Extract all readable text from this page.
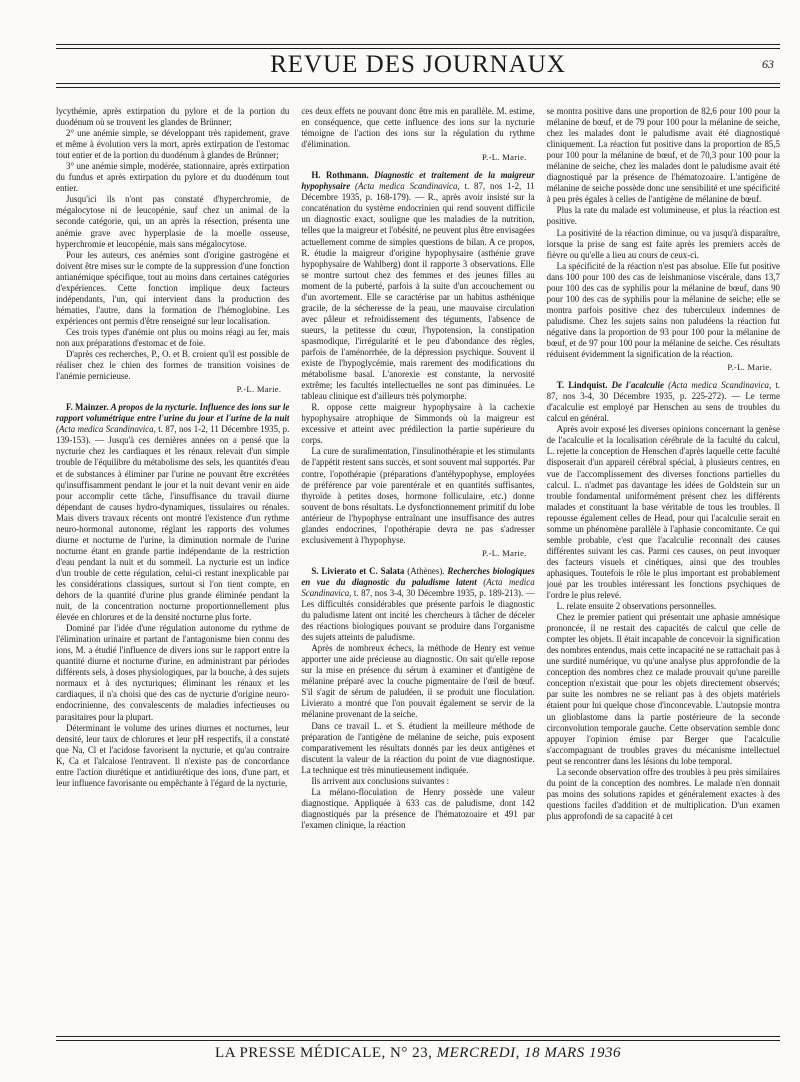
REVUE DES JOURNAUX	63

lycythémie, après extirpation du pylore et de la portion du duodénum où se trouvent les glandes de Brünner;

2° une anémie simple, se développant très rapidement, grave et même à évolution vers la mort, après extirpation de l'estomac tout entier et de la portion du duodénum à glandes de Brünner;

3° une anémie simple, modérée, stationnaire, après extirpation du fundus et après extirpation du pylore et du duodénum tout entier.

Jusqu'ici ils n'ont pas constaté d'hyperchromie, de mégalocytose ni de leucopénie, sauf chez un animal de la seconde catégorie, qui, un an après la résection, présenta une anémie grave avec hyperplasie de la moelle osseuse, hyperchromie et leucopénie, mais sans mégalocytose.

Pour les auteurs, ces anémies sont d'origine gastrogène et doivent être mises sur le compte de la suppression d'une fonction antianémique spécifique, tout au moins dans certaines catégories d'expériences. Cette fonction implique deux facteurs indépendants, l'un, qui intervient dans la production des hématies, l'autre, dans la formation de l'hémoglobine. Les expériences ont permis d'être renseigné sur leur localisation.

Ces trois types d'anémie ont plus ou moins réagi au fer, mais non aux préparations d'estomac et de foie.

D'après ces recherches, P., O. et B. croient qu'il est possible de réaliser chez le chien des formes de transition voisines de l'anémie pernicieuse.

P.-L. Marie.

F. Mainzer. A propos de la nycturie. Influence des ions sur le rapport volumétrique entre l'urine du jour et l'urine de la nuit (Acta medica Scandinavica, t. 87, nos 1-2, 11 Décembre 1935, p. 139-153). — Jusqu'à ces dernières années on a pensé que la nycturie chez les cardiaques et les rénaux relevait d'un simple trouble de l'équilibre du métabolisme des sels, les quantités d'eau et de substances à éliminer par l'urine ne pouvant être excrétées qu'insuffisamment pendant le jour et la nuit devant venir en aide pour accomplir cette tâche, l'insuffisance du travail diurne dépendant de causes hydro-dynamiques, tissulaires ou rénales. Mais divers travaux récents ont montré l'existence d'un rythme neuro-hormonal autonome, réglant les rapports des volumes diurne et nocturne de l'urine, la diminution normale de l'urine nocturne étant en grande partie indépendante de la restriction d'eau pendant la nuit et du sommeil. La nycturie est un indice d'un trouble de cette régulation, celui-ci restant inexplicable par les considérations classiques, surtout si l'on tient compte, en dehors de la quantité d'urine plus grande éliminée pendant la nuit, de la concentration nocturne proportionnellement plus élevée en chlorures et de la densité nocturne plus forte.

Dominé par l'idée d'une régulation autonome du rythme de l'élimination urinaire et partant de l'antagonisme bien connu des ions, M. a étudié l'influence de divers ions sur le rapport entre la quantité diurne et nocturne d'urine, en administrant par périodes différents sels, à doses physiologiques, par la bouche, à des sujets normaux et à des nycturiques; éliminant les rénaux et les cardiaques, il n'a choisi que des cas de nycturie d'origine neuro-endocrinienne, des convalescents de maladies infectieuses ou parasitaires pour la plupart.

Déterminant le volume des urines diurnes et nocturnes, leur densité, leur taux de chlorures et leur pH respectifs, il a constaté que Na, Cl et l'acidose favorisent la nycturie, et qu'au contraire K, Ca et l'alcalose l'entravent. Il n'existe pas de concordance entre l'action diurétique et antidiurétique des ions, d'une part, et leur influence favorisante ou empêchante à l'égard de la nycturie,

ces deux effets ne pouvant donc être mis en parallèle. M. estime, en conséquence, que cette influence des ions sur la nycturie témoigne de l'action des ions sur la régulation du rythme d'élimination.

P.-L. Marie.

H. Rothmann. Diagnostic et traitement de la maigreur hypophysaire (Acta medica Scandinavica, t. 87, nos 1-2, 11 Décembre 1935, p. 168-179). — R., après avoir insisté sur la concaténation du système endocrinien qui rend souvent difficile un diagnostic exact, souligne que les maladies de la nutrition, telles que la maigreur et l'obésité, ne peuvent plus être envisagées actuellement comme de simples questions de bilan. A ce propos, R. étudie la maigreur d'origine hypophysaire (asthénie grave hypophysaire de Wahlberg) dont il rapporte 3 observations. Elle se montre surtout chez des femmes et des jeunes filles au moment de la puberté, parfois à la suite d'un accouchement ou d'un avortement. Elle se caractérise par un habitus asthénique gracile, de la sécheresse de la peau, une mauvaise circulation avec pâleur et refroidissement des téguments, l'absence de sueurs, la petitesse du cœur, l'hypotension, la constipation spasmodique, l'irrégularité et le peu d'abondance des règles, parfois de l'aménorrhée, de la dépression psychique. Souvent il existe de l'hypoglycémie, mais rarement des modifications du métabolisme basal. L'anorexie est constante, la nervosité extrême; les facultés intellectuelles ne sont pas diminuées. Le tableau clinique est d'ailleurs très polymorphe.

R. oppose cette maigreur hypophysaire à la cachexie hypophysaire atrophique de Simmonds où la maigreur est excessive et atteint avec prédilection la partie supérieure du corps.

La cure de suralimentation, l'insulinothérapie et les stimulants de l'appétit restent sans succès, et sont souvent mal supportés. Par contre, l'opothérapie (préparations d'antéhypophyse, employées de préférence par voie parentérale et en quantités suffisantes, thyroïde à petites doses, hormone folliculaire, etc.) donne souvent de bons résultats. Le dysfonctionnement primitif du lobe antérieur de l'hypophyse entraînant une insuffisance des autres glandes endocrines, l'opothérapie devra ne pas s'adresser exclusivement à l'hypophyse.

P.-L. Marie.

S. Livierato et C. Salata (Athènes). Recherches biologiques en vue du diagnostic du paludisme latent (Acta medica Scandinavica, t. 87, nos 3-4, 30 Décembre 1935, p. 189-213). — Les difficultés considérables que présente parfois le diagnostic du paludisme latent ont incité les chercheurs à tâcher de déceler des réactions biologiques pouvant se produire dans l'organisme des sujets atteints de paludisme.

Après de nombreux échecs, la méthode de Henry est venue apporter une aide précieuse au diagnostic. On sait qu'elle repose sur la mise en présence du sérum à examiner et d'antigène de mélanine préparé avec la couche pigmentaire de l'œil de bœuf. S'il s'agit de sérum de paludéen, il se produit une floculation. Livierato a montré que l'on pouvait également se servir de la mélanine provenant de la seiche.

Dans ce travail L. et S. étudient la meilleure méthode de préparation de l'antigène de mélanine de seiche, puis exposent comparativement les résultats donnés par les deux antigènes et discutent la valeur de la réaction du point de vue diagnostique. La technique est très minutieusement indiquée.

Ils arrivent aux conclusions suivantes :

La mélano-floculation de Henry possède une valeur diagnostique. Appliquée à 633 cas de paludisme, dont 142 diagnostiqués par la présence de l'hématozoaire et 491 par l'examen clinique, la réaction

se montra positive dans une proportion de 82,6 pour 100 pour la mélanine de bœuf, et de 79 pour 100 pour la mélanine de seiche, chez les malades dont le paludisme avait été diagnostiqué cliniquement. La réaction fut positive dans la proportion de 85,5 pour 100 pour la mélanine de bœuf, et de 70,3 pour 100 pour la mélanine de seiche, chez les malades dont le paludisme avait été diagnostiqué par la présence de l'hématozoaire. L'antigène de mélanine de seiche possède donc une sensibilité et une spécificité à peu près égales à celles de l'antigène de mélanine de bœuf.

Plus la rate du malade est volumineuse, et plus la réaction est positive.

La positivité de la réaction diminue, ou va jusqu'à disparaître, lorsque la prise de sang est faite après les premiers accès de fièvre ou qu'elle a lieu au cours de ceux-ci.

La spécificité de la réaction n'est pas absolue. Elle fut positive dans 100 pour 100 des cas de leishmaniose viscérale, dans 13,7 pour 100 des cas de syphilis pour la mélanine de bœuf, dans 90 pour 100 des cas de syphilis pour la mélanine de seiche; elle se montra parfois positive chez des tuberculeux indemnes de paludisme. Chez les sujets sains non paludéens la réaction fut négative dans la proportion de 93 pour 100 pour la mélanine de bœuf, et de 97 pour 100 pour la mélanine de seiche. Ces résultats réduisent évidemment la signification de la réaction.

P.-L. Marie.

T. Lindquist. De l'acalculie (Acta medica Scandinavica, t. 87, nos 3-4, 30 Décembre 1935, p. 225-272). — Le terme d'acalculie est employé par Henschen au sens de troubles du calcul en général.

Après avoir exposé les diverses opinions concernant la genèse de l'acalculie et la localisation cérébrale de la faculté du calcul, L. rejette la conception de Henschen d'après laquelle cette faculté disposerait d'un appareil cérébral spécial, à plusieurs centres, en vue de l'accomplissement des diverses fonctions partielles du calcul. L. n'admet pas davantage les idées de Goldstein sur un trouble fondamental uniformément présent chez les différents malades et constituant la base véritable de tous les troubles. Il repousse également celles de Head, pour qui l'acalculie serait en somme un phénomène parallèle à l'aphasie concomitante. Ce qui semble probable, c'est que l'acalculie reconnaît des causes différentes suivant les cas. Parmi ces causes, on peut invoquer des facteurs visuels et cinétiques, ainsi que des troubles aphasiques. Toutefois le rôle le plus important est probablement joué par les troubles intéressant les fonctions psychiques de l'ordre le plus relevé.

L. relate ensuite 2 observations personnelles.

Chez le premier patient qui présentait une aphasie amnésique prononcée, il ne restait des capacités de calcul que celle de compter les objets. Il était incapable de concevoir la signification des nombres entendus, mais cette incapacité ne se rattachait pas à une surdité numérique, vu qu'une analyse plus approfondie de la conception des nombres chez ce malade prouvait qu'une pareille conception n'existait que pour les objets directement observés; par suite les nombres ne se reliant pas à des objets matériels étaient pour lui quelque chose d'inconcevable. L'autopsie montra un glioblastome dans la partie postérieure de la seconde circonvolution temporale gauche. Cette observation semble donc appuyer l'opinion émise par Berger que l'acalculie s'accompagnant de troubles graves du mécanisme intellectuel peut se rencontrer dans les lésions du lobe temporal.

La seconde observation offre des troubles à peu près similaires du point de la conception des nombres. Le malade n'en donnait pas moins des solutions rapides et généralement exactes à des questions faciles d'addition et de multiplication. D'un examen plus approfondi de sa capacité à cet

LA PRESSE MÉDICALE, N° 23, MERCREDI, 18 MARS 1936
